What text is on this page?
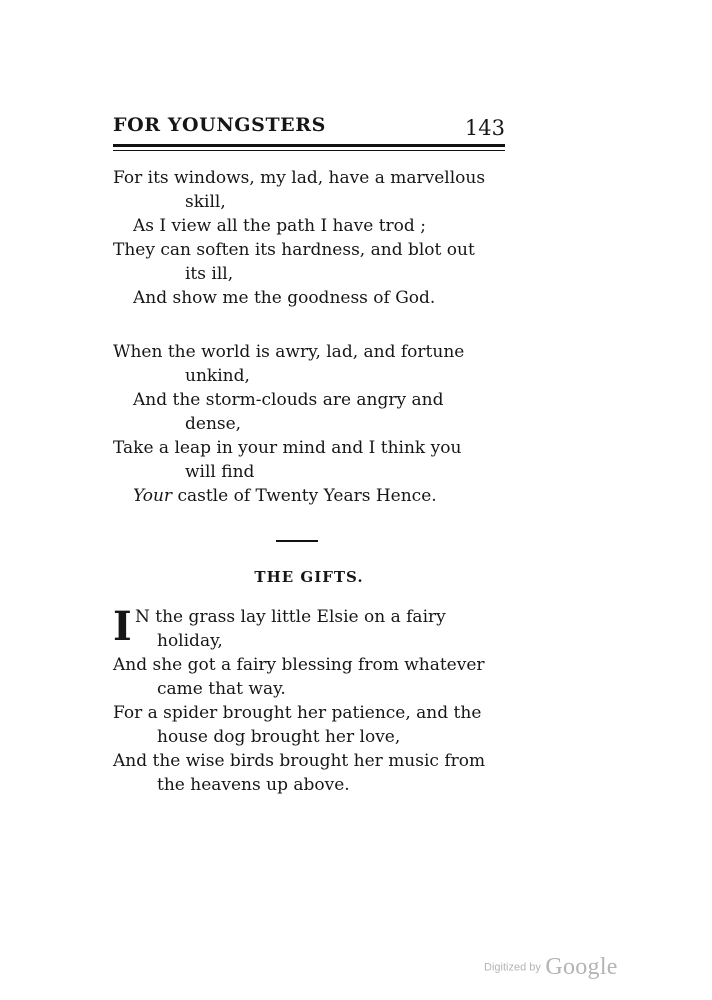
FOR YOUNGSTERS	143
For its windows, my lad, have a marvellous
skill,
As I view all the path I have trod ;
They can soften its hardness, and blot out
its ill,
And show me the goodness of God.
When the world is awry, lad, and fortune
unkind,
And the storm-clouds are angry and
dense,
Take a leap in your mind and I think you
will find
Your castle of Twenty Years Hence.
THE GIFTS.
I N the grass lay little Elsie on a fairy
holiday,
And she got a fairy blessing from whatever
came that way.
For a spider brought her patience, and the
house dog brought her love,
And the wise birds brought her music from
the heavens up above.
Digitized by Google
